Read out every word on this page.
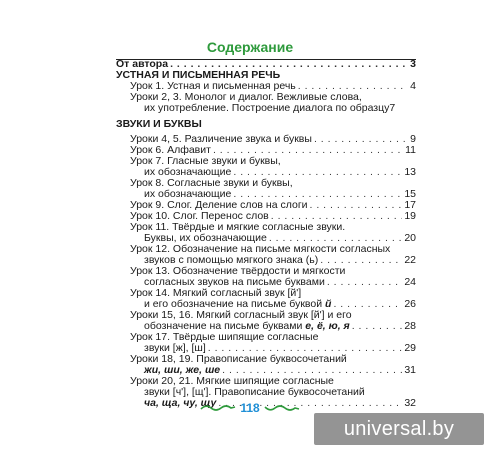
Содержание
От автора . . .	3
УСТНАЯ И ПИСЬМЕННАЯ РЕЧЬ
Урок 1. Устная и письменная речь . . .	4
Уроки 2, 3. Монолог и диалог. Вежливые слова,
их употребление. Построение диалога по образцу 7
ЗВУКИ И БУКВЫ
Уроки 4, 5. Различение звука и буквы . . .	9
Урок 6. Алфавит . . .	11
Урок 7. Гласные звуки и буквы,
их обозначающие . . .	13
Урок 8. Согласные звуки и буквы,
их обозначающие . . .	15
Урок 9. Слог. Деление слов на слоги . . .	17
Урок 10. Слог. Перенос слов . . .	19
Урок 11. Твёрдые и мягкие согласные звуки.
Буквы, их обозначающие . . .	20
Урок 12. Обозначение на письме мягкости согласных
звуков с помощью мягкого знака (ь) . . .	22
Урок 13. Обозначение твёрдости и мягкости
согласных звуков на письме буквами . . .	24
Урок 14. Мягкий согласный звук [й']
и его обозначение на письме буквой й . . .	26
Уроки 15, 16. Мягкий согласный звук [й'] и его
обозначение на письме буквами е, ё, ю, я . . .	28
Урок 17. Твёрдые шипящие согласные
звуки [ж], [ш] . . .	29
Уроки 18, 19. Правописание буквосочетаний
жи, ши, же, ше . . .	31
Уроки 20, 21. Мягкие шипящие согласные
звуки [ч'], [щ']. Правописание буквосочетаний
ча, ща, чу, щу . . .	32
118
universal.by
